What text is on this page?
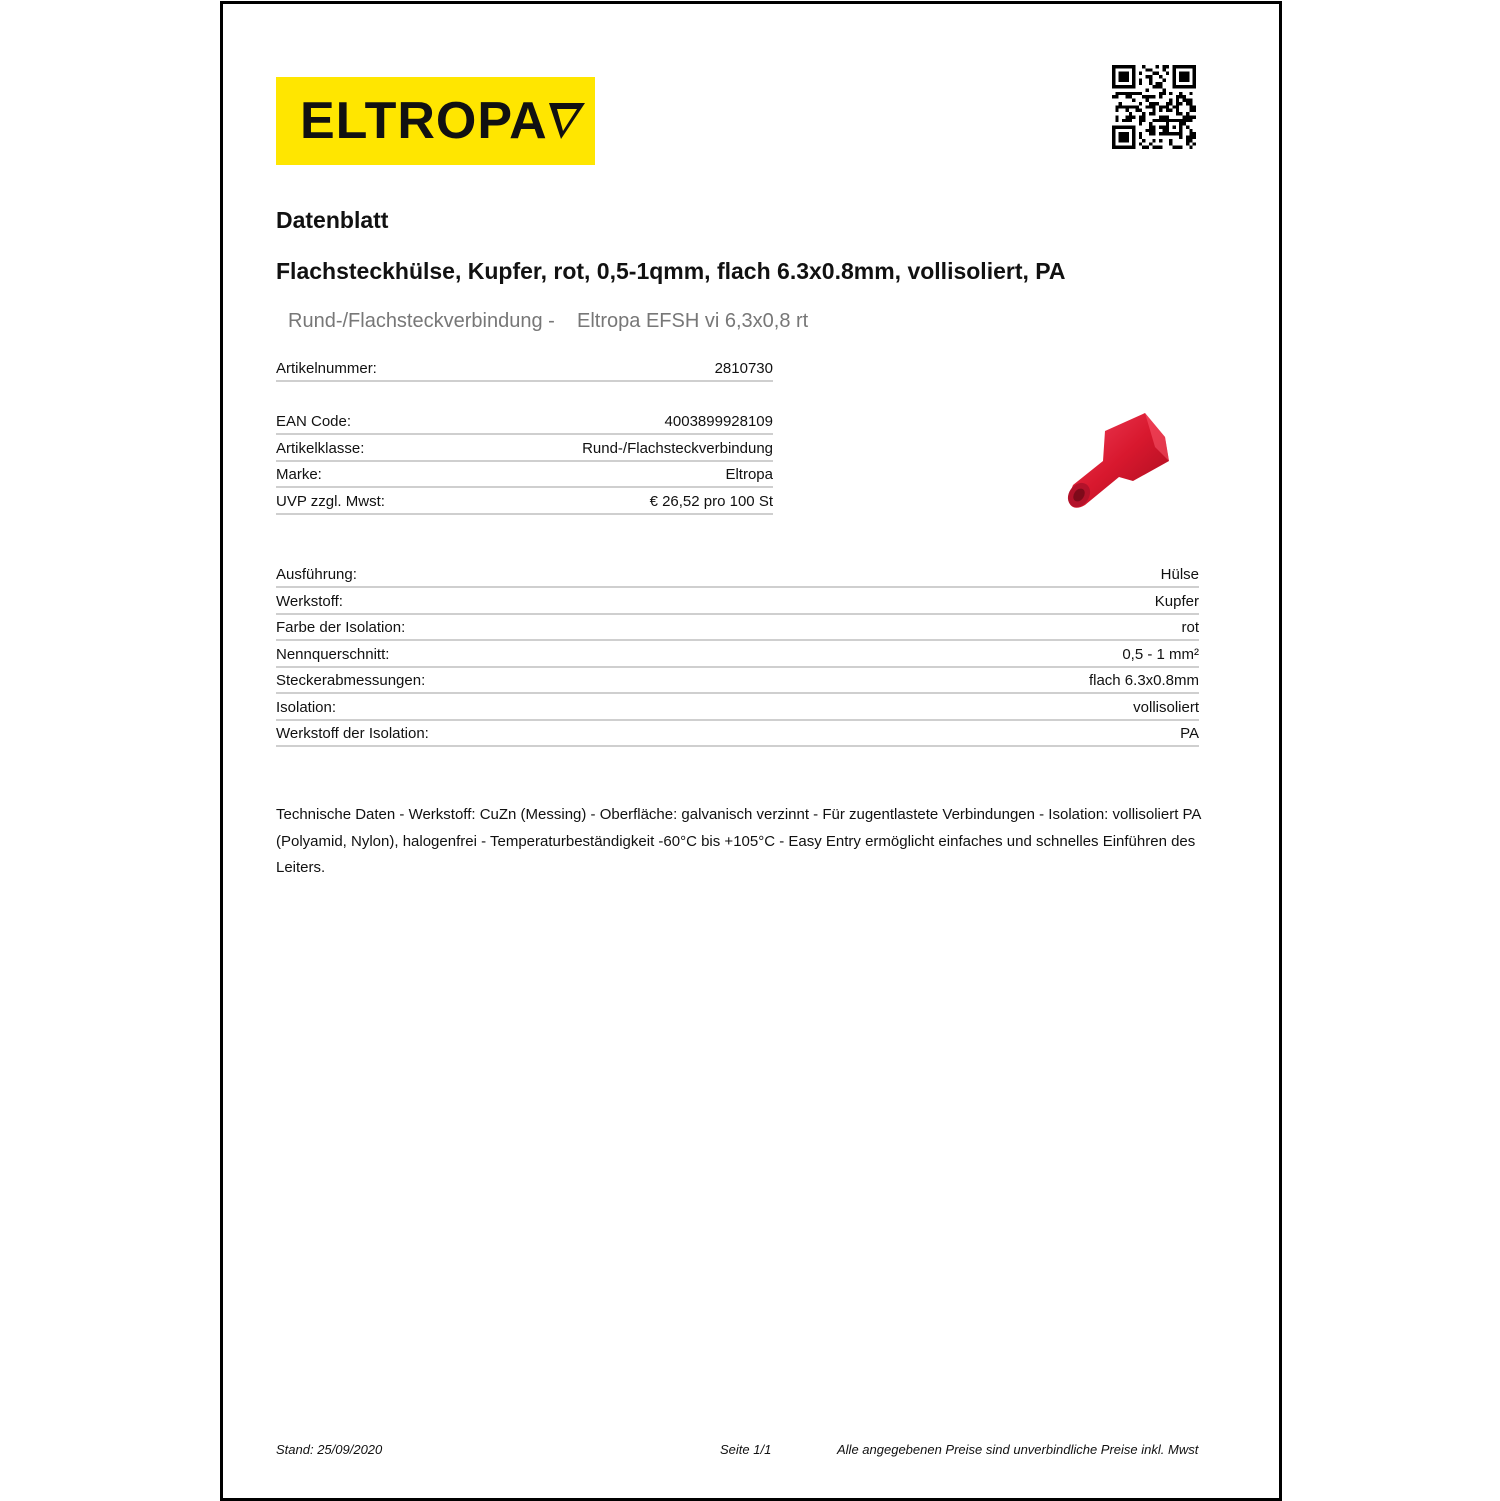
ELTROPA
Datenblatt
Flachsteckhülse, Kupfer, rot, 0,5-1qmm, flach 6.3x0.8mm, vollisoliert, PA
Rund-/Flachsteckverbindung -    Eltropa EFSH vi 6,3x0,8 rt
Artikelnummer:	2810730
EAN Code:	4003899928109
Artikelklasse:	Rund-/Flachsteckverbindung
Marke:	Eltropa
UVP zzgl. Mwst:	€ 26,52 pro 100 St
Ausführung:	Hülse
Werkstoff:	Kupfer
Farbe der Isolation:	rot
Nennquerschnitt:	0,5 - 1 mm²
Steckerabmessungen:	flach 6.3x0.8mm
Isolation:	vollisoliert
Werkstoff der Isolation:	PA
Technische Daten - Werkstoff: CuZn (Messing) - Oberfläche: galvanisch verzinnt - Für zugentlastete Verbindungen - Isolation: vollisoliert PA (Polyamid, Nylon), halogenfrei - Temperaturbeständigkeit -60°C bis +105°C - Easy Entry ermöglicht einfaches und schnelles Einführen des Leiters.
Stand: 25/09/2020	Seite 1/1	Alle angegebenen Preise sind unverbindliche Preise inkl. Mwst
